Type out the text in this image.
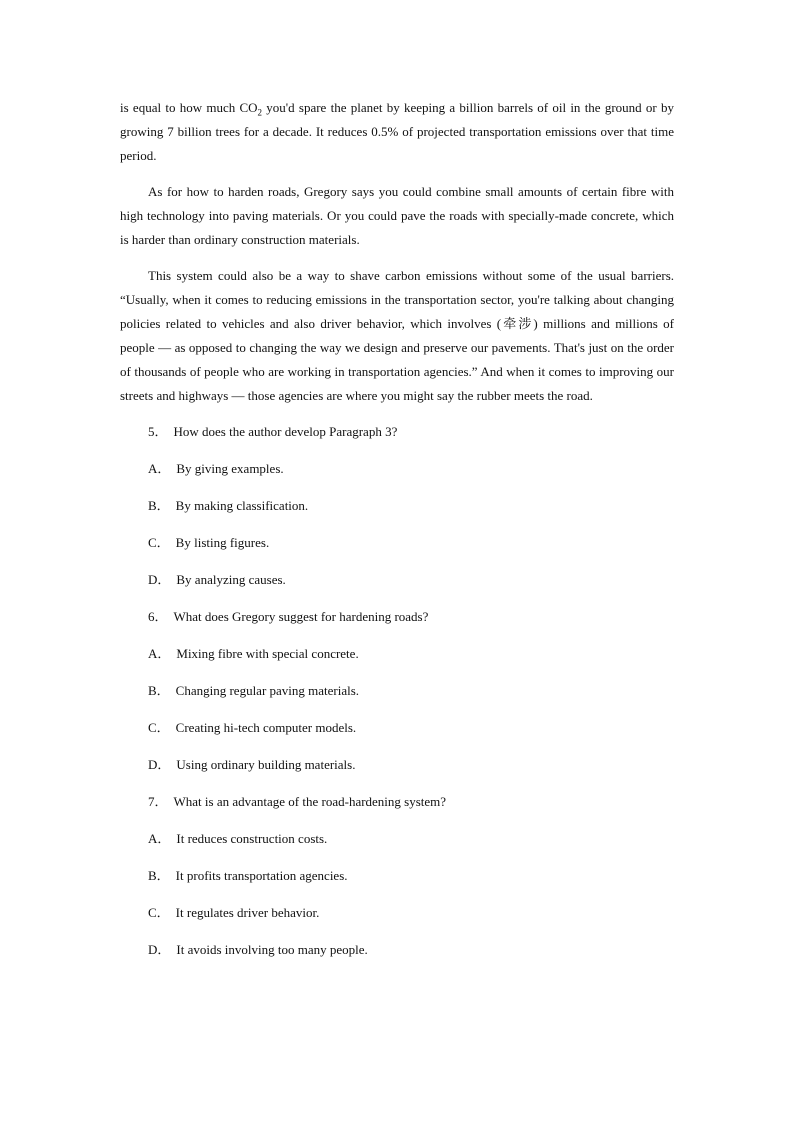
is equal to how much $CO_2$ you'd spare the planet by keeping a billion barrels of oil in the ground or by growing 7 billion trees for a decade. It reduces 0.5% of projected transportation emissions over that time period.

As for how to harden roads, Gregory says you could combine small amounts of certain fibre with high technology into paving materials. Or you could pave the roads with specially-made concrete, which is harder than ordinary construction materials.

This system could also be a way to shave carbon emissions without some of the usual barriers. “Usually, when it comes to reducing emissions in the transportation sector, you're talking about changing policies related to vehicles and also driver behavior, which involves (牵涉) millions and millions of people — as opposed to changing the way we design and preserve our pavements. That's just on the order of thousands of people who are working in transportation agencies.” And when it comes to improving our streets and highways — those agencies are where you might say the rubber meets the road.

5． How does the author develop Paragraph 3?
A． By giving examples.
B． By making classification.
C． By listing figures.
D． By analyzing causes.
6． What does Gregory suggest for hardening roads?
A． Mixing fibre with special concrete.
B． Changing regular paving materials.
C． Creating hi-tech computer models.
D． Using ordinary building materials.
7． What is an advantage of the road-hardening system?
A． It reduces construction costs.
B． It profits transportation agencies.
C． It regulates driver behavior.
D． It avoids involving too many people.
